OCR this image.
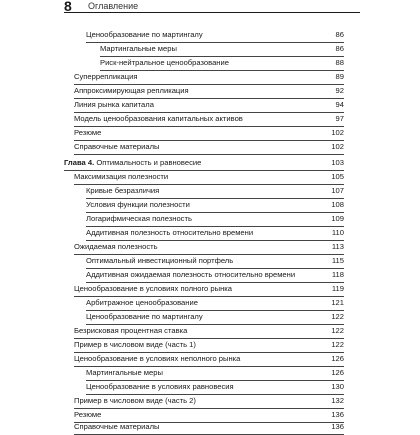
8 Оглавление
Ценообразование по мартингалу	86
Мартингальные меры	86
Риск-нейтральное ценообразование	88
Суперрепликация	89
Аппроксимирующая репликация	92
Линия рынка капитала	94
Модель ценообразования капитальных активов	97
Резюме	102
Справочные материалы	102
Глава 4. Оптимальность и равновесие	103
Максимизация полезности	105
Кривые безразличия	107
Условия функции полезности	108
Логарифмическая полезность	109
Аддитивная полезность относительно времени	110
Ожидаемая полезность	113
Оптимальный инвестиционный портфель	115
Аддитивная ожидаемая полезность относительно времени	118
Ценообразование в условиях полного рынка	119
Арбитражное ценообразование	121
Ценообразование по мартингалу	122
Безрисковая процентная ставка	122
Пример в числовом виде (часть 1)	122
Ценообразование в условиях неполного рынка	126
Мартингальные меры	126
Ценообразование в условиях равновесия	130
Пример в числовом виде (часть 2)	132
Резюме	136
Справочные материалы	136
